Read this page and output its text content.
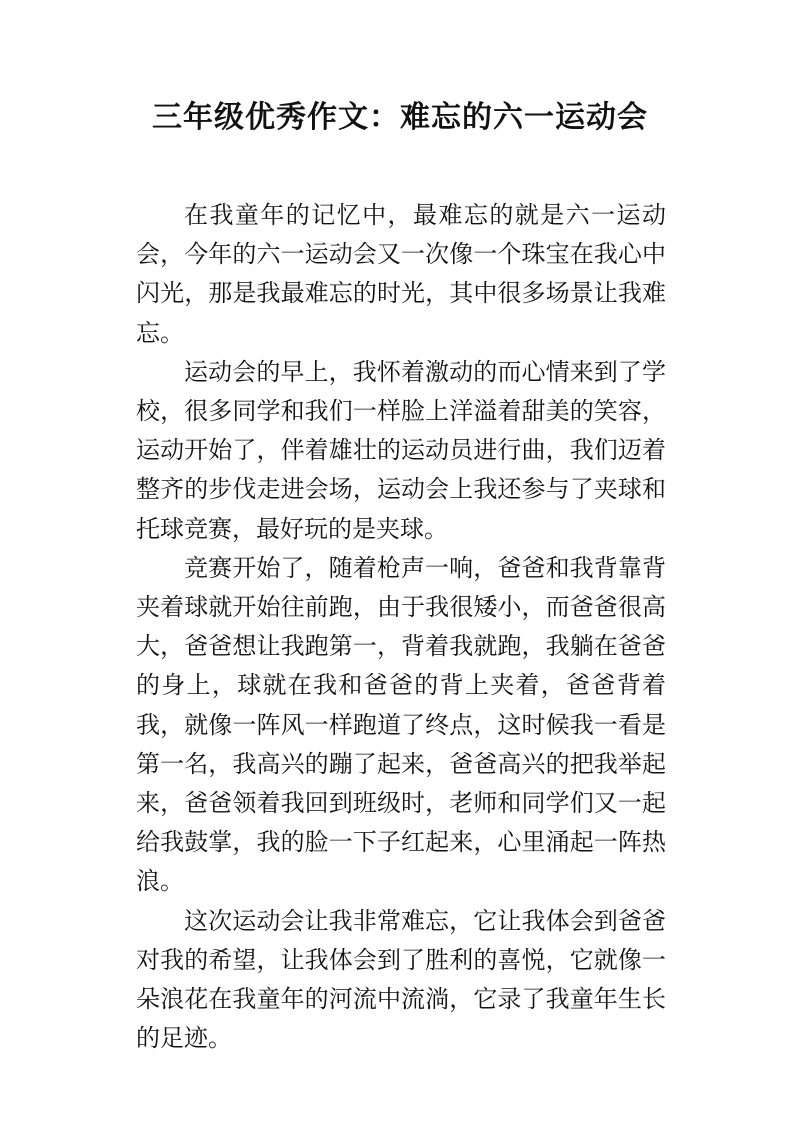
三年级优秀作文：难忘的六一运动会

在我童年的记忆中，最难忘的就是六一运动会，今年的六一运动会又一次像一个珠宝在我心中闪光，那是我最难忘的时光，其中很多场景让我难忘。

运动会的早上，我怀着激动的而心情来到了学校，很多同学和我们一样脸上洋溢着甜美的笑容，运动开始了，伴着雄壮的运动员进行曲，我们迈着整齐的步伐走进会场，运动会上我还参与了夹球和托球竞赛，最好玩的是夹球。

竞赛开始了，随着枪声一响，爸爸和我背靠背夹着球就开始往前跑，由于我很矮小，而爸爸很高大，爸爸想让我跑第一，背着我就跑，我躺在爸爸的身上，球就在我和爸爸的背上夹着，爸爸背着我，就像一阵风一样跑道了终点，这时候我一看是第一名，我高兴的蹦了起来，爸爸高兴的把我举起来，爸爸领着我回到班级时，老师和同学们又一起给我鼓掌，我的脸一下子红起来，心里涌起一阵热浪。

这次运动会让我非常难忘，它让我体会到爸爸对我的希望，让我体会到了胜利的喜悦，它就像一朵浪花在我童年的河流中流淌，它录了我童年生长的足迹。
